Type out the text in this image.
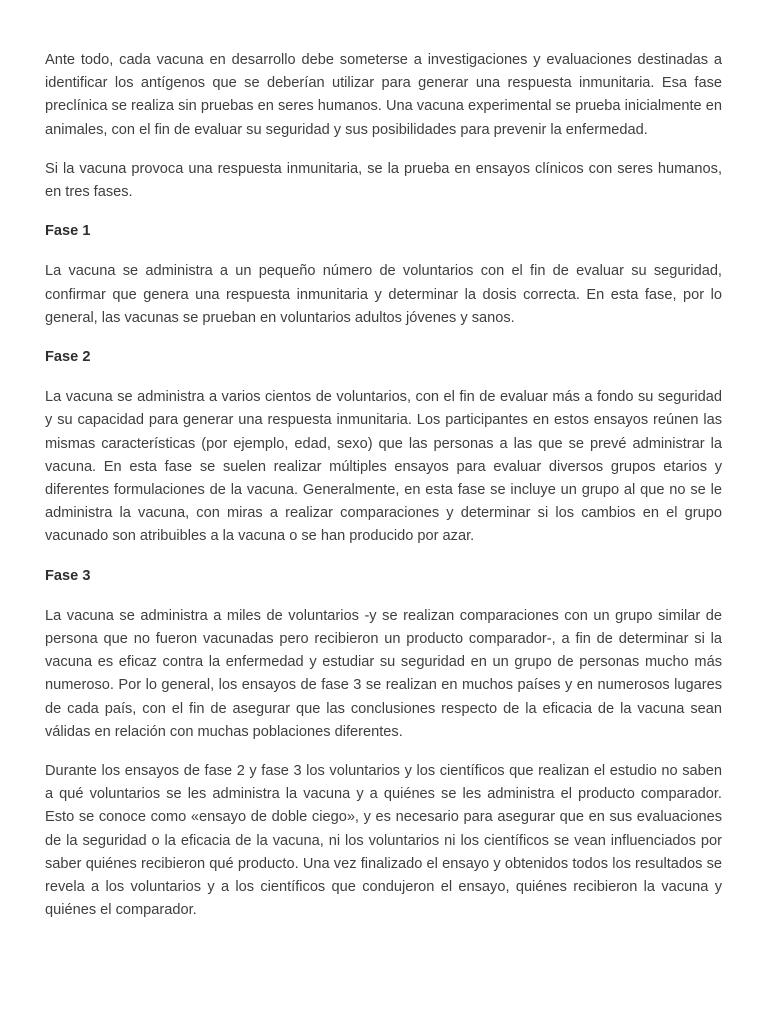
Ante todo, cada vacuna en desarrollo debe someterse a investigaciones y evaluaciones destinadas a identificar los antígenos que se deberían utilizar para generar una respuesta inmunitaria. Esa fase preclínica se realiza sin pruebas en seres humanos. Una vacuna experimental se prueba inicialmente en animales, con el fin de evaluar su seguridad y sus posibilidades para prevenir la enfermedad.

Si la vacuna provoca una respuesta inmunitaria, se la prueba en ensayos clínicos con seres humanos, en tres fases.

Fase 1

La vacuna se administra a un pequeño número de voluntarios con el fin de evaluar su seguridad, confirmar que genera una respuesta inmunitaria y determinar la dosis correcta. En esta fase, por lo general, las vacunas se prueban en voluntarios adultos jóvenes y sanos.

Fase 2

La vacuna se administra a varios cientos de voluntarios, con el fin de evaluar más a fondo su seguridad y su capacidad para generar una respuesta inmunitaria. Los participantes en estos ensayos reúnen las mismas características (por ejemplo, edad, sexo) que las personas a las que se prevé administrar la vacuna. En esta fase se suelen realizar múltiples ensayos para evaluar diversos grupos etarios y diferentes formulaciones de la vacuna. Generalmente, en esta fase se incluye un grupo al que no se le administra la vacuna, con miras a realizar comparaciones y determinar si los cambios en el grupo vacunado son atribuibles a la vacuna o se han producido por azar.

Fase 3

La vacuna se administra a miles de voluntarios -y se realizan comparaciones con un grupo similar de persona que no fueron vacunadas pero recibieron un producto comparador-, a fin de determinar si la vacuna es eficaz contra la enfermedad y estudiar su seguridad en un grupo de personas mucho más numeroso. Por lo general, los ensayos de fase 3 se realizan en muchos países y en numerosos lugares de cada país, con el fin de asegurar que las conclusiones respecto de la eficacia de la vacuna sean válidas en relación con muchas poblaciones diferentes.

Durante los ensayos de fase 2 y fase 3 los voluntarios y los científicos que realizan el estudio no saben a qué voluntarios se les administra la vacuna y a quiénes se les administra el producto comparador. Esto se conoce como «ensayo de doble ciego», y es necesario para asegurar que en sus evaluaciones de la seguridad o la eficacia de la vacuna, ni los voluntarios ni los científicos se vean influenciados por saber quiénes recibieron qué producto. Una vez finalizado el ensayo y obtenidos todos los resultados se revela a los voluntarios y a los científicos que condujeron el ensayo, quiénes recibieron la vacuna y quiénes el comparador.
